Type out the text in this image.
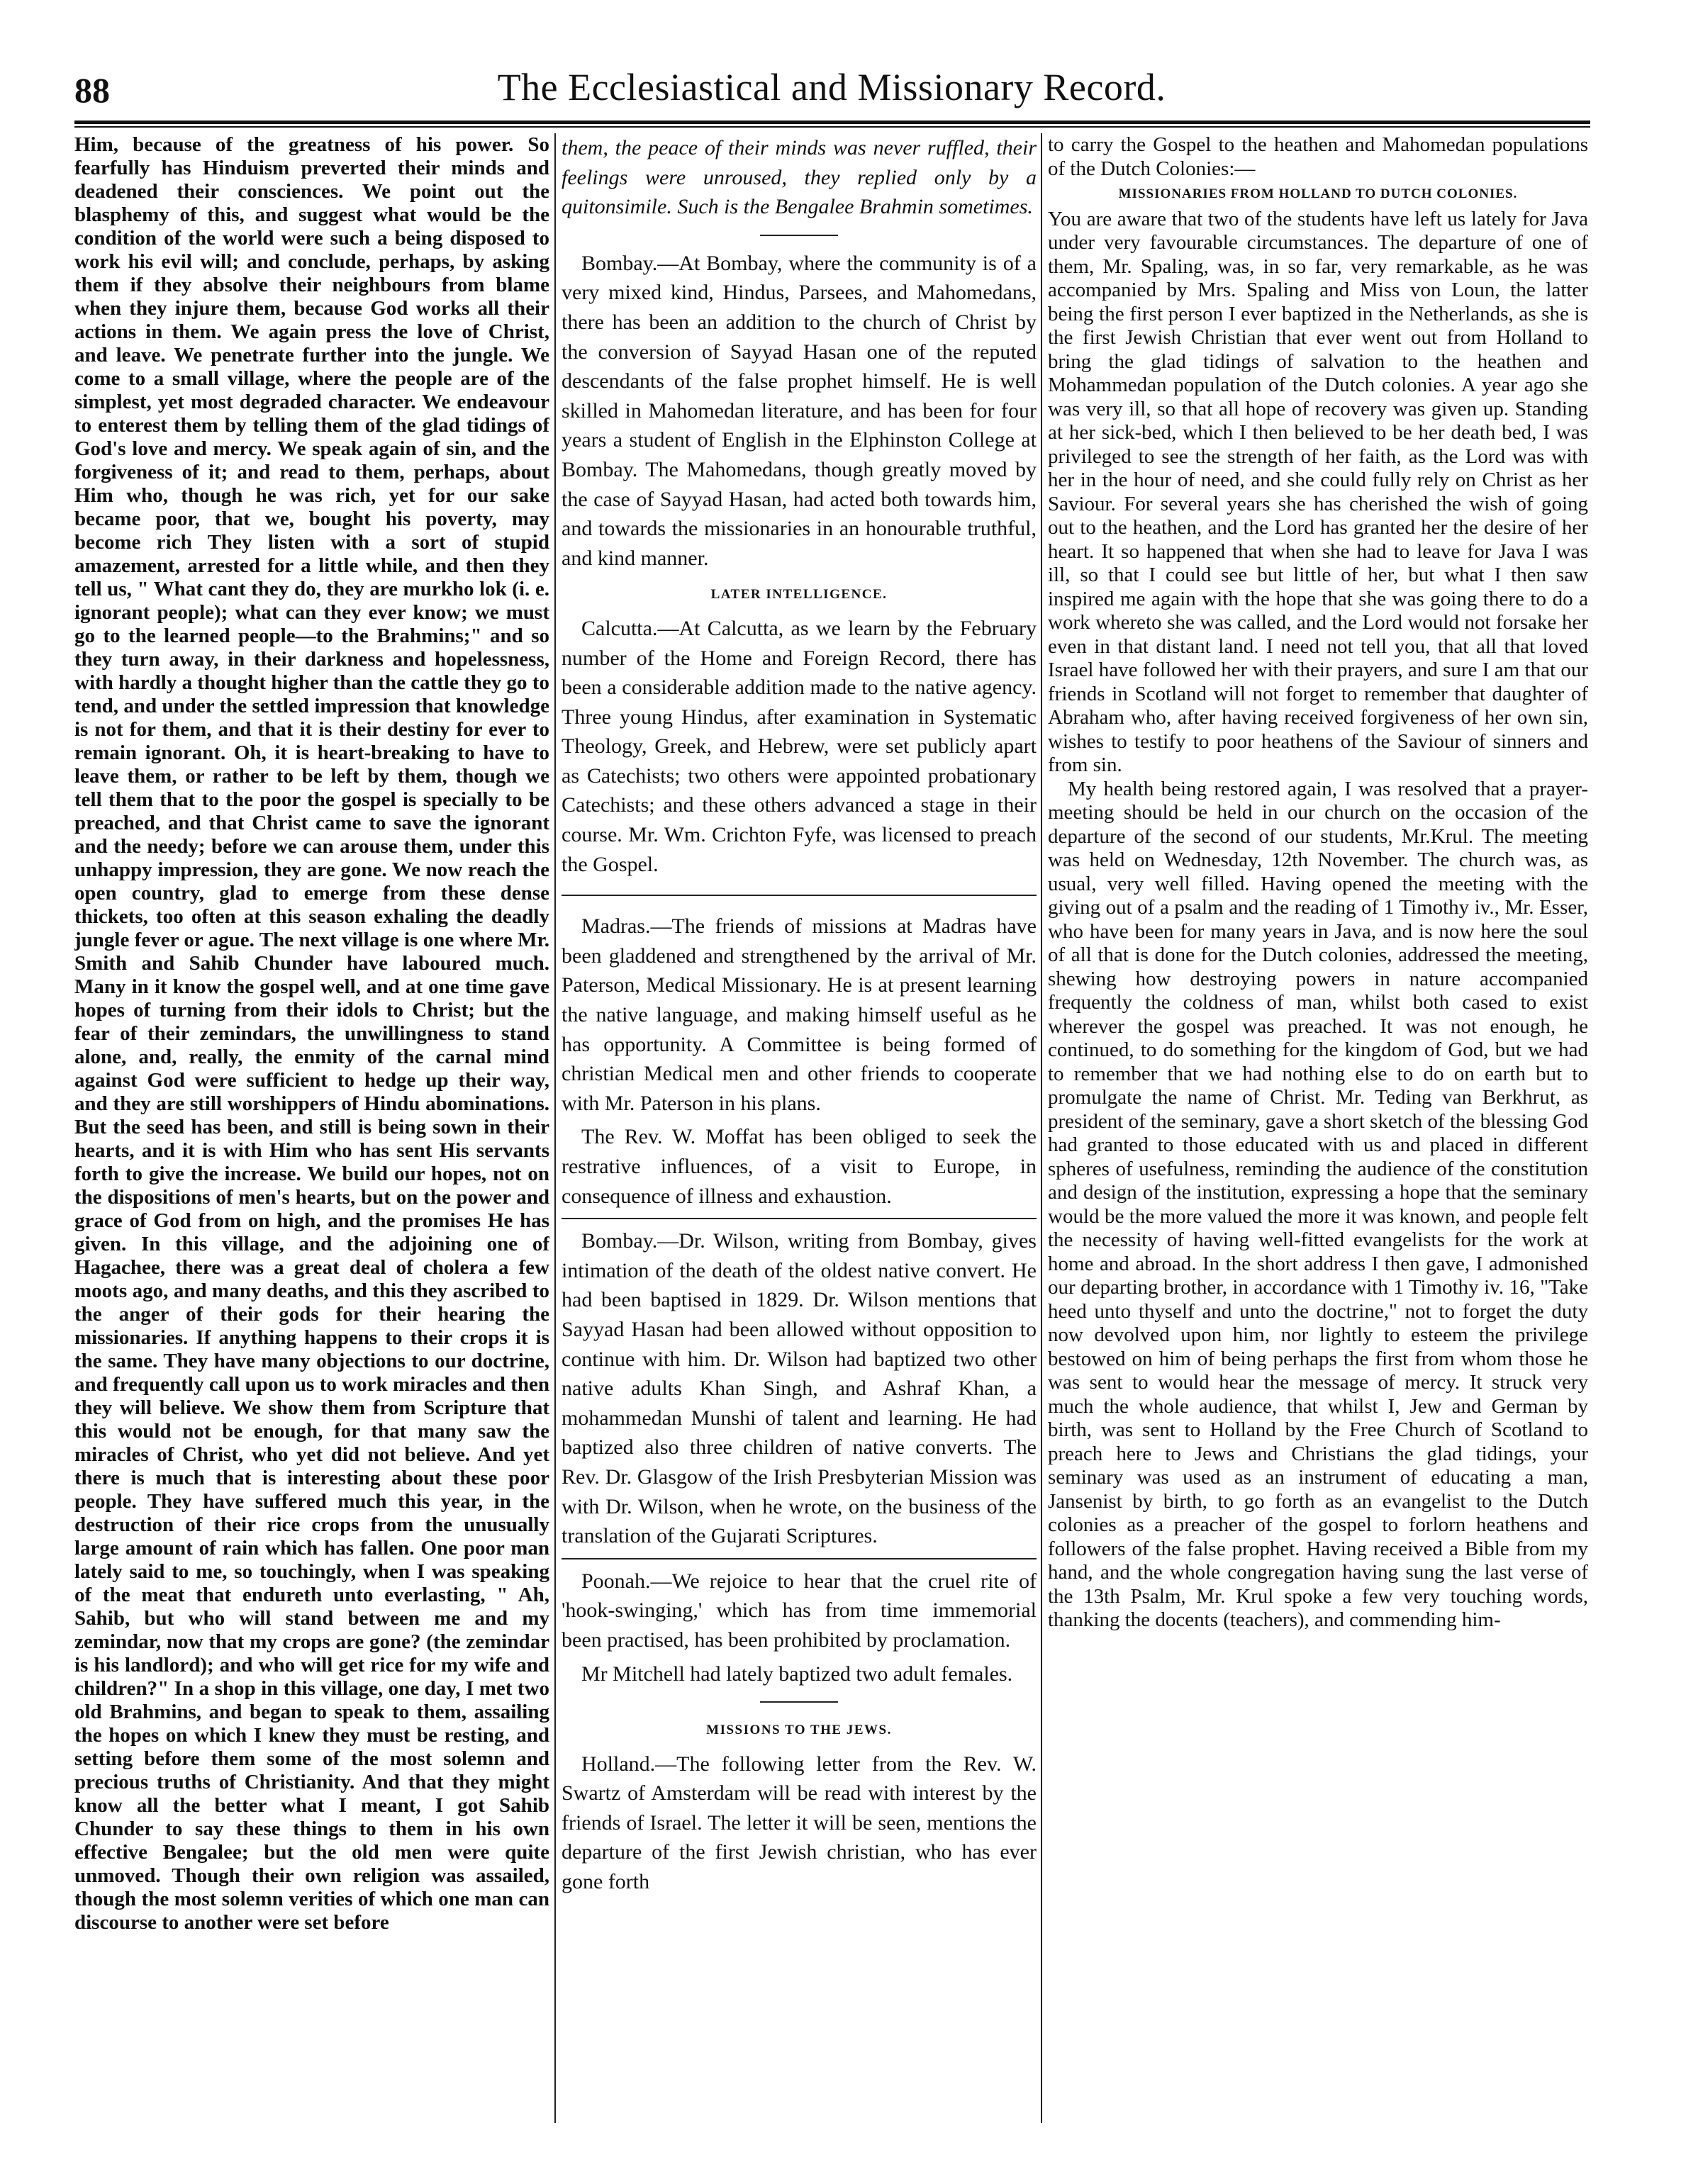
88	The Ecclesiastical and Missionary Record.

Him, because of the greatness of his power. So fearfully has Hinduism preverted their minds and deadened their consciences. We point out the blasphemy of this, and suggest what would be the condition of the world were such a being disposed to work his evil will; and conclude, perhaps, by asking them if they absolve their neighbours from blame when they injure them, because God works all their actions in them. We again press the love of Christ, and leave. We penetrate further into the jungle. We come to a small village, where the people are of the simplest, yet most degraded character. We endeavour to enterest them by telling them of the glad tidings of God's love and mercy. We speak again of sin, and the forgiveness of it; and read to them, perhaps, about Him who, though he was rich, yet for our sake became poor, that we, bought his poverty, may become rich They listen with a sort of stupid amazement, arrested for a little while, and then they tell us, " What cant they do, they are murkho lok (i. e. ignorant people); what can they ever know; we must go to the learned people—to the Brahmins;" and so they turn away, in their darkness and hopelessness, with hardly a thought higher than the cattle they go to tend, and under the settled impression that knowledge is not for them, and that it is their destiny for ever to remain ignorant. Oh, it is heart-breaking to have to leave them, or rather to be left by them, though we tell them that to the poor the gospel is specially to be preached, and that Christ came to save the ignorant and the needy; before we can arouse them, under this unhappy impression, they are gone. We now reach the open country, glad to emerge from these dense thickets, too often at this season exhaling the deadly jungle fever or ague. The next village is one where Mr. Smith and Sahib Chunder have laboured much. Many in it know the gospel well, and at one time gave hopes of turning from their idols to Christ; but the fear of their zemindars, the unwillingness to stand alone, and, really, the enmity of the carnal mind against God were sufficient to hedge up their way, and they are still worshippers of Hindu abominations. But the seed has been, and still is being sown in their hearts, and it is with Him who has sent His servants forth to give the increase. We build our hopes, not on the dispositions of men's hearts, but on the power and grace of God from on high, and the promises He has given. In this village, and the adjoining one of Hagachee, there was a great deal of cholera a few moots ago, and many deaths, and this they ascribed to the anger of their gods for their hearing the missionaries. If anything happens to their crops it is the same. They have many objections to our doctrine, and frequently call upon us to work miracles and then they will believe. We show them from Scripture that this would not be enough, for that many saw the miracles of Christ, who yet did not believe. And yet there is much that is interesting about these poor people. They have suffered much this year, in the destruction of their rice crops from the unusually large amount of rain which has fallen. One poor man lately said to me, so touchingly, when I was speaking of the meat that endureth unto everlasting, " Ah, Sahib, but who will stand between me and my zemindar, now that my crops are gone? (the zemindar is his landlord); and who will get rice for my wife and children?" In a shop in this village, one day, I met two old Brahmins, and began to speak to them, assailing the hopes on which I knew they must be resting, and setting before them some of the most solemn and precious truths of Christianity. And that they might know all the better what I meant, I got Sahib Chunder to say these things to them in his own effective Bengalee; but the old men were quite unmoved. Though their own religion was assailed, though the most solemn verities of which one man can discourse to another were set before

them, the peace of their minds was never ruffled, their feelings were unroused, they replied only by a quitonsimile. Such is the Bengalee Brahmin sometimes.

Bombay.—At Bombay, where the community is of a very mixed kind, Hindus, Parsees, and Mahomedans, there has been an addition to the church of Christ by the conversion of Sayyad Hasan one of the reputed descendants of the false prophet himself. He is well skilled in Mahomedan literature, and has been for four years a student of English in the Elphinston College at Bombay. The Mahomedans, though greatly moved by the case of Sayyad Hasan, had acted both towards him, and towards the missionaries in an honourable truthful, and kind manner.

LATER INTELLIGENCE.

Calcutta.—At Calcutta, as we learn by the February number of the Home and Foreign Record, there has been a considerable addition made to the native agency. Three young Hindus, after examination in Systematic Theology, Greek, and Hebrew, were set publicly apart as Catechists; two others were appointed probationary Catechists; and these others advanced a stage in their course. Mr. Wm. Crichton Fyfe, was licensed to preach the Gospel.

Madras.—The friends of missions at Madras have been gladdened and strengthened by the arrival of Mr. Paterson, Medical Missionary. He is at present learning the native language, and making himself useful as he has opportunity. A Committee is being formed of christian Medical men and other friends to cooperate with Mr. Paterson in his plans.

The Rev. W. Moffat has been obliged to seek the restrative influences, of a visit to Europe, in consequence of illness and exhaustion.

Bombay.—Dr. Wilson, writing from Bombay, gives intimation of the death of the oldest native convert. He had been baptised in 1829. Dr. Wilson mentions that Sayyad Hasan had been allowed without opposition to continue with him. Dr. Wilson had baptized two other native adults Khan Singh, and Ashraf Khan, a mohammedan Munshi of talent and learning. He had baptized also three children of native converts. The Rev. Dr. Glasgow of the Irish Presbyterian Mission was with Dr. Wilson, when he wrote, on the business of the translation of the Gujarati Scriptures.

Poonah.—We rejoice to hear that the cruel rite of 'hook-swinging,' which has from time immemorial been practised, has been prohibited by proclamation.

Mr Mitchell had lately baptized two adult females.

MISSIONS TO THE JEWS.

Holland.—The following letter from the Rev. W. Swartz of Amsterdam will be read with interest by the friends of Israel. The letter it will be seen, mentions the departure of the first Jewish christian, who has ever gone forth

to carry the Gospel to the heathen and Mahomedan populations of the Dutch Colonies:—

MISSIONARIES FROM HOLLAND TO DUTCH COLONIES.

You are aware that two of the students have left us lately for Java under very favourable circumstances. The departure of one of them, Mr. Spaling, was, in so far, very remarkable, as he was accompanied by Mrs. Spaling and Miss von Loun, the latter being the first person I ever baptized in the Netherlands, as she is the first Jewish Christian that ever went out from Holland to bring the glad tidings of salvation to the heathen and Mohammedan population of the Dutch colonies. A year ago she was very ill, so that all hope of recovery was given up. Standing at her sick-bed, which I then believed to be her death bed, I was privileged to see the strength of her faith, as the Lord was with her in the hour of need, and she could fully rely on Christ as her Saviour. For several years she has cherished the wish of going out to the heathen, and the Lord has granted her the desire of her heart. It so happened that when she had to leave for Java I was ill, so that I could see but little of her, but what I then saw inspired me again with the hope that she was going there to do a work whereto she was called, and the Lord would not forsake her even in that distant land. I need not tell you, that all that loved Israel have followed her with their prayers, and sure I am that our friends in Scotland will not forget to remember that daughter of Abraham who, after having received forgiveness of her own sin, wishes to testify to poor heathens of the Saviour of sinners and from sin.

My health being restored again, I was resolved that a prayer-meeting should be held in our church on the occasion of the departure of the second of our students, Mr.Krul. The meeting was held on Wednesday, 12th November. The church was, as usual, very well filled. Having opened the meeting with the giving out of a psalm and the reading of 1 Timothy iv., Mr. Esser, who have been for many years in Java, and is now here the soul of all that is done for the Dutch colonies, addressed the meeting, shewing how destroying powers in nature accompanied frequently the coldness of man, whilst both cased to exist wherever the gospel was preached. It was not enough, he continued, to do something for the kingdom of God, but we had to remember that we had nothing else to do on earth but to promulgate the name of Christ. Mr. Teding van Berkhrut, as president of the seminary, gave a short sketch of the blessing God had granted to those educated with us and placed in different spheres of usefulness, reminding the audience of the constitution and design of the institution, expressing a hope that the seminary would be the more valued the more it was known, and people felt the necessity of having well-fitted evangelists for the work at home and abroad. In the short address I then gave, I admonished our departing brother, in accordance with 1 Timothy iv. 16, "Take heed unto thyself and unto the doctrine," not to forget the duty now devolved upon him, nor lightly to esteem the privilege bestowed on him of being perhaps the first from whom those he was sent to would hear the message of mercy. It struck very much the whole audience, that whilst I, Jew and German by birth, was sent to Holland by the Free Church of Scotland to preach here to Jews and Christians the glad tidings, your seminary was used as an instrument of educating a man, Jansenist by birth, to go forth as an evangelist to the Dutch colonies as a preacher of the gospel to forlorn heathens and followers of the false prophet. Having received a Bible from my hand, and the whole congregation having sung the last verse of the 13th Psalm, Mr. Krul spoke a few very touching words, thanking the docents (teachers), and commending him-
